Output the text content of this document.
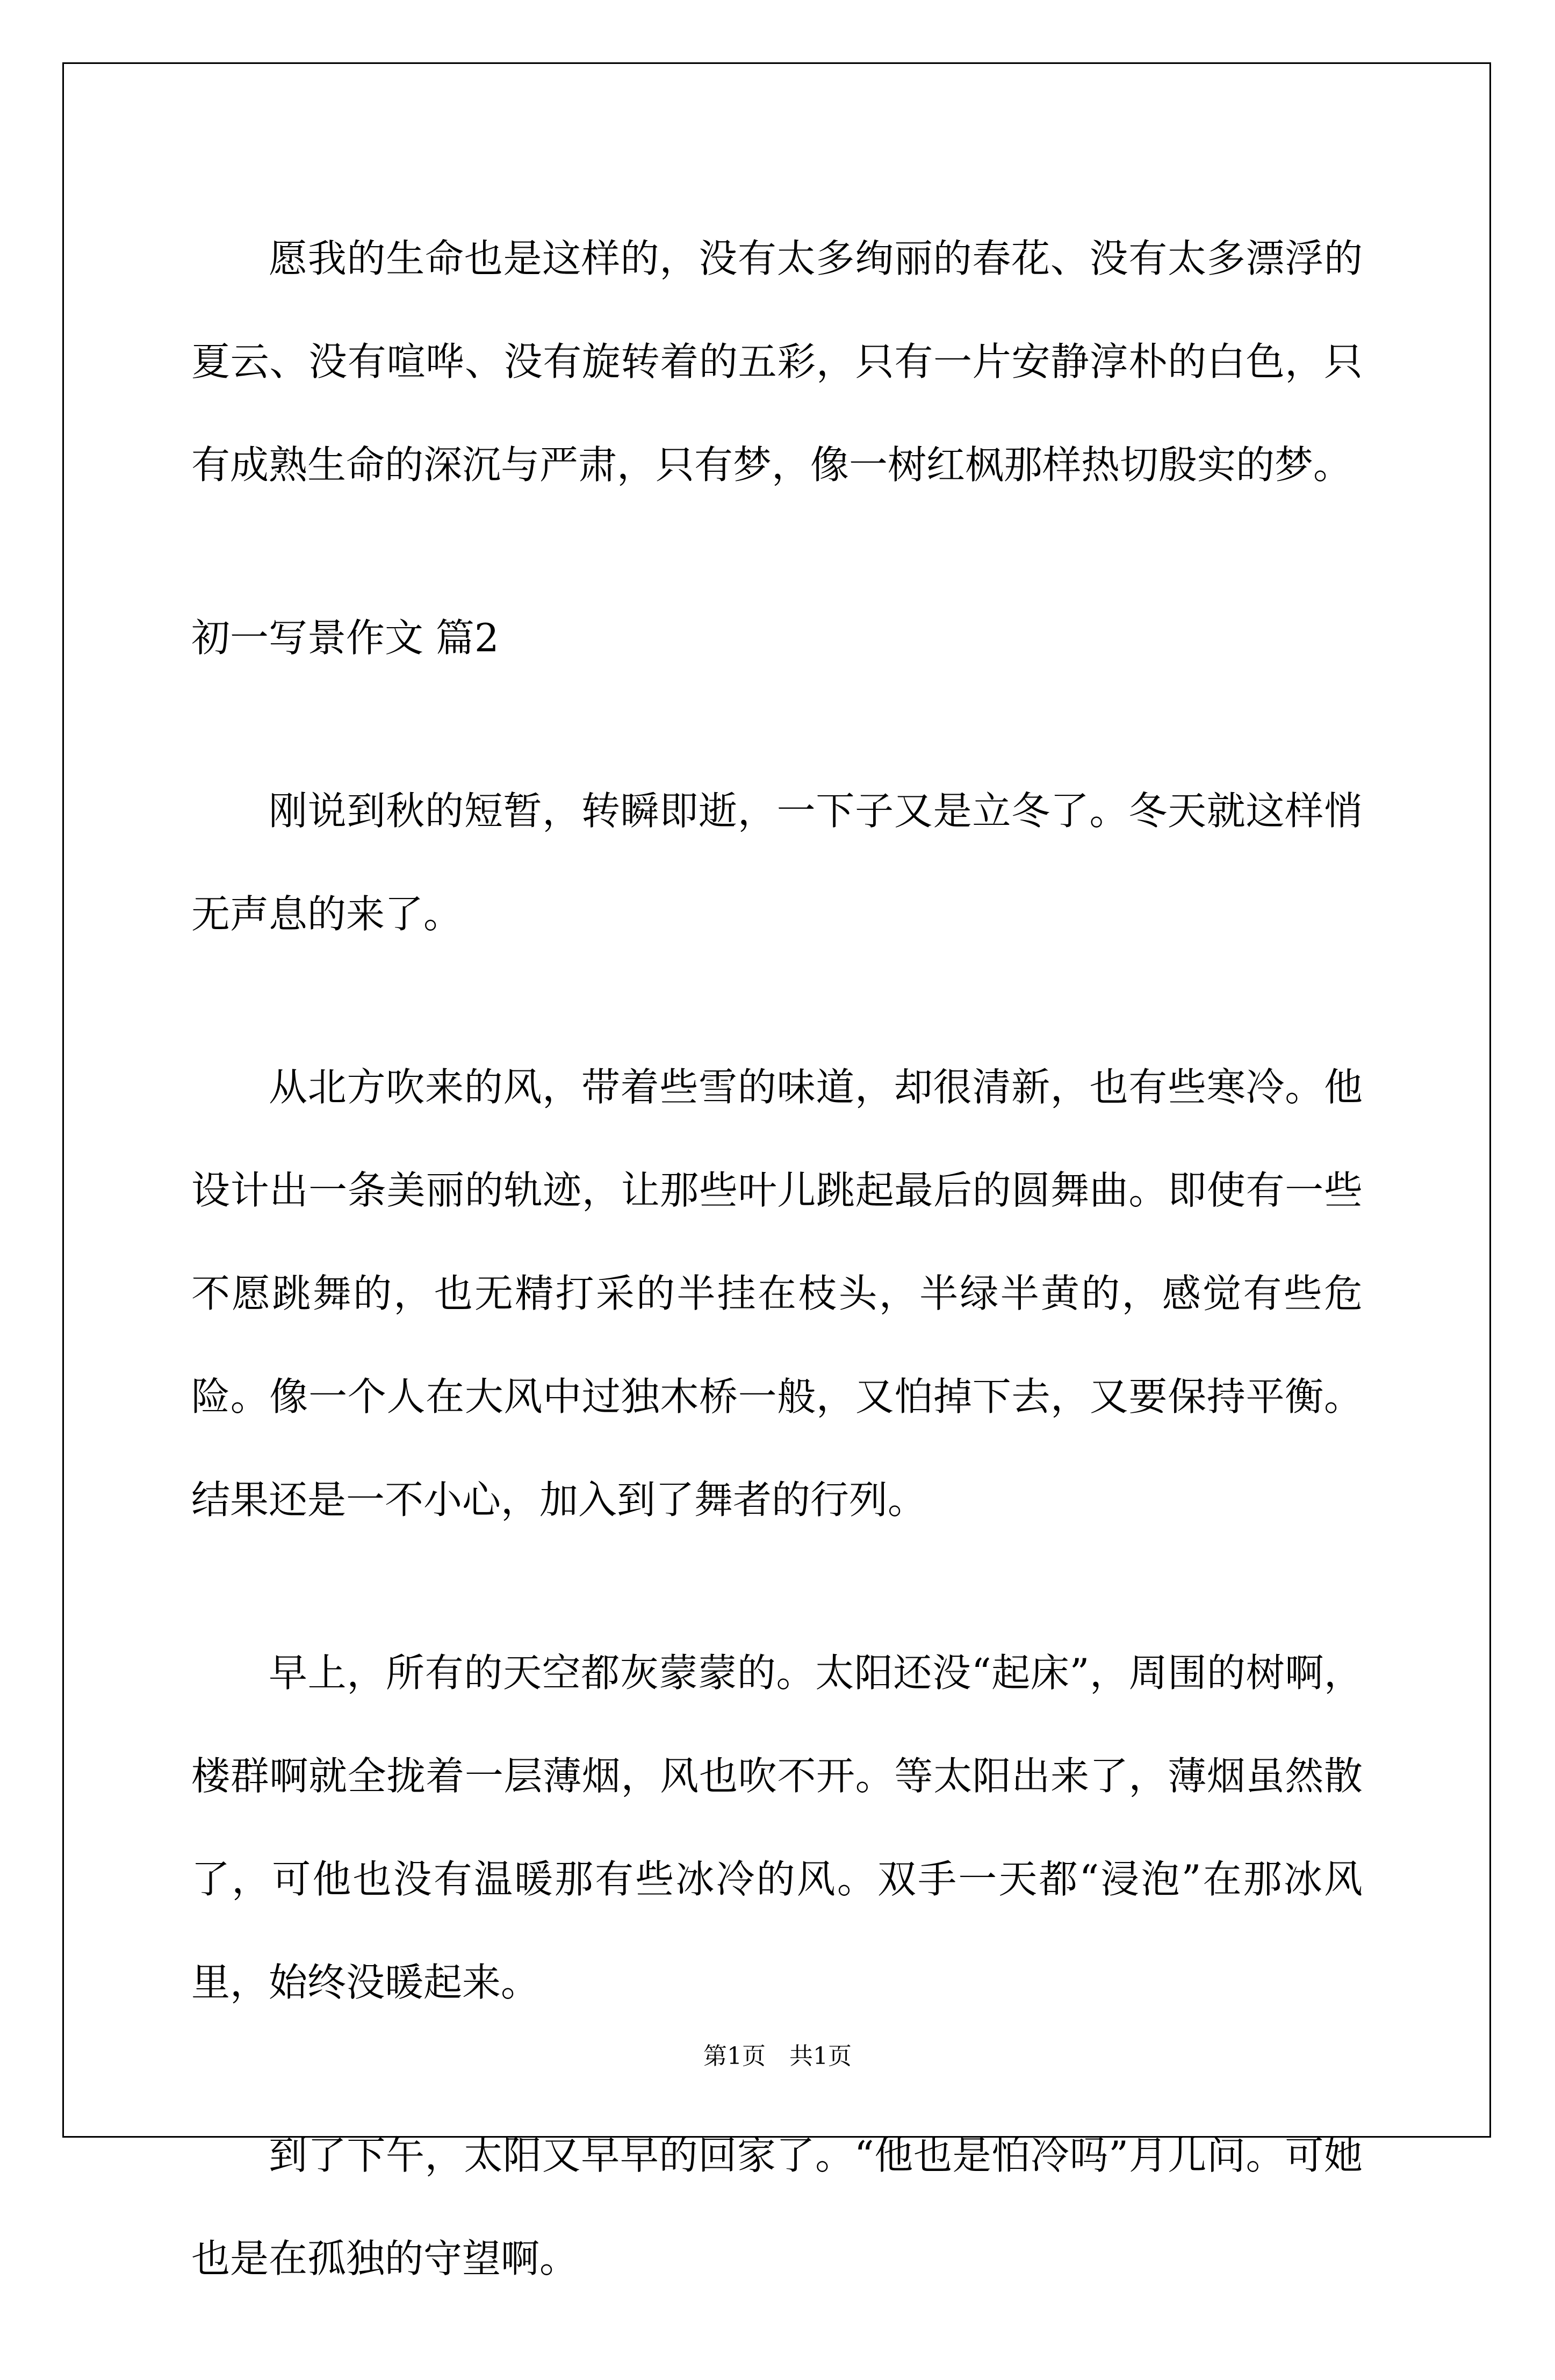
愿我的生命也是这样的，没有太多绚丽的春花、没有太多漂浮的夏云、没有喧哗、没有旋转着的五彩，只有一片安静淳朴的白色，只有成熟生命的深沉与严肃，只有梦，像一树红枫那样热切殷实的梦。

初一写景作文 篇2

刚说到秋的短暂，转瞬即逝，一下子又是立冬了。冬天就这样悄无声息的来了。

从北方吹来的风，带着些雪的味道，却很清新，也有些寒冷。他设计出一条美丽的轨迹，让那些叶儿跳起最后的圆舞曲。即使有一些不愿跳舞的，也无精打采的半挂在枝头，半绿半黄的，感觉有些危险。像一个人在大风中过独木桥一般，又怕掉下去，又要保持平衡。结果还是一不小心，加入到了舞者的行列。

早上，所有的天空都灰蒙蒙的。太阳还没“起床”，周围的树啊，楼群啊就全拢着一层薄烟，风也吹不开。等太阳出来了，薄烟虽然散了，可他也没有温暖那有些冰冷的风。双手一天都“浸泡”在那冰风里，始终没暖起来。

到了下午，太阳又早早的回家了。“他也是怕冷吗”月儿问。可她也是在孤独的守望啊。

第1页　共1页
